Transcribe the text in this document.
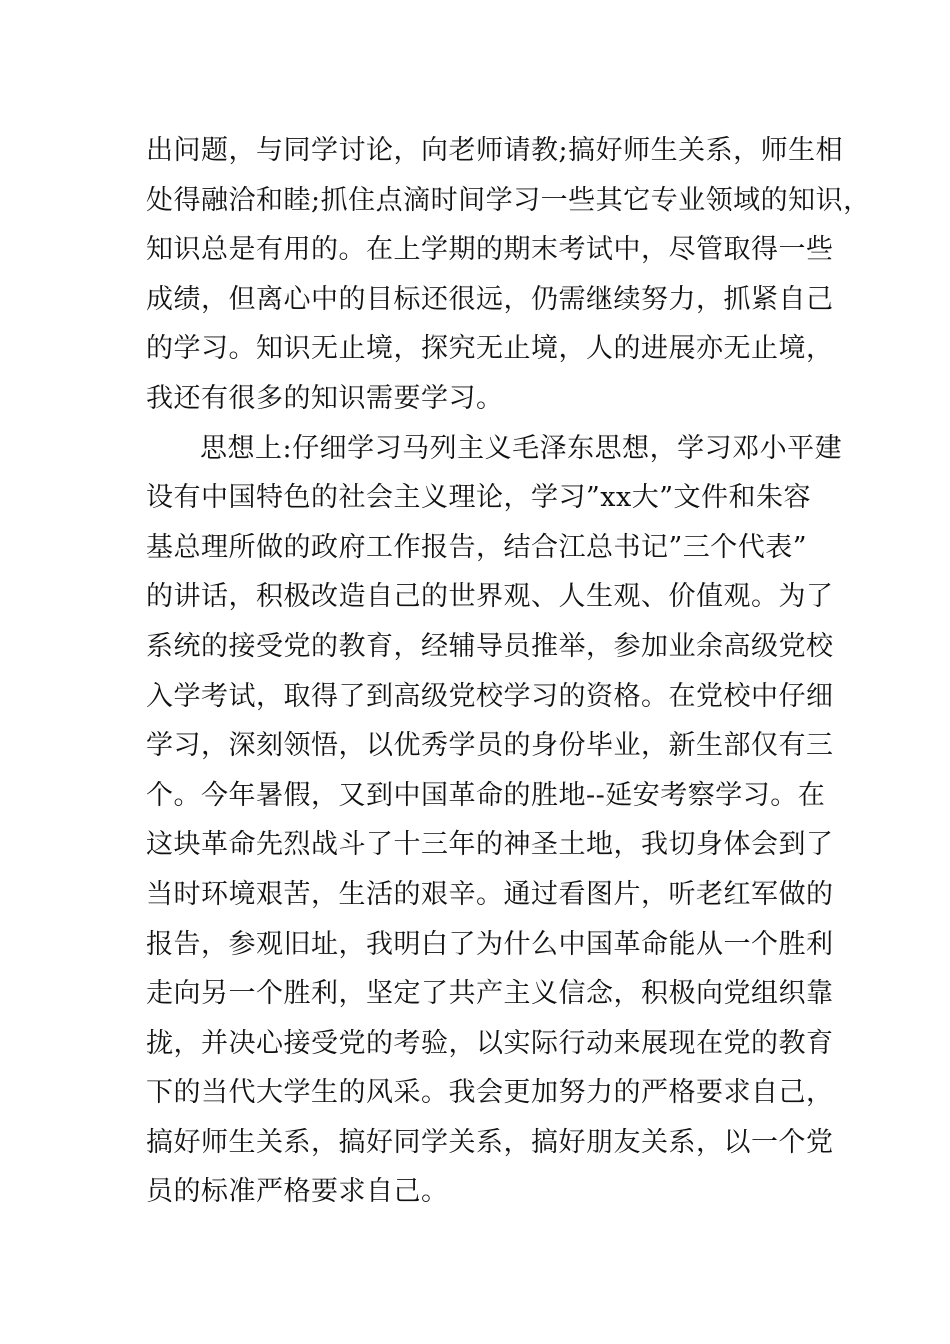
出问题，与同学讨论，向老师请教;搞好师生关系，师生相
处得融洽和睦;抓住点滴时间学习一些其它专业领域的知识，
知识总是有用的。在上学期的期末考试中，尽管取得一些
成绩，但离心中的目标还很远，仍需继续努力，抓紧自己
的学习。知识无止境，探究无止境，人的进展亦无止境，
我还有很多的知识需要学习。
思想上:仔细学习马列主义毛泽东思想，学习邓小平建
设有中国特色的社会主义理论，学习”xx大”文件和朱容
基总理所做的政府工作报告，结合江总书记”三个代表”
的讲话，积极改造自己的世界观、人生观、价值观。为了
系统的接受党的教育，经辅导员推举，参加业余高级党校
入学考试，取得了到高级党校学习的资格。在党校中仔细
学习，深刻领悟，以优秀学员的身份毕业，新生部仅有三
个。今年暑假，又到中国革命的胜地--延安考察学习。在
这块革命先烈战斗了十三年的神圣土地，我切身体会到了
当时环境艰苦，生活的艰辛。通过看图片，听老红军做的
报告，参观旧址，我明白了为什么中国革命能从一个胜利
走向另一个胜利，坚定了共产主义信念，积极向党组织靠
拢，并决心接受党的考验，以实际行动来展现在党的教育
下的当代大学生的风采。我会更加努力的严格要求自己，
搞好师生关系，搞好同学关系，搞好朋友关系，以一个党
员的标准严格要求自己。
